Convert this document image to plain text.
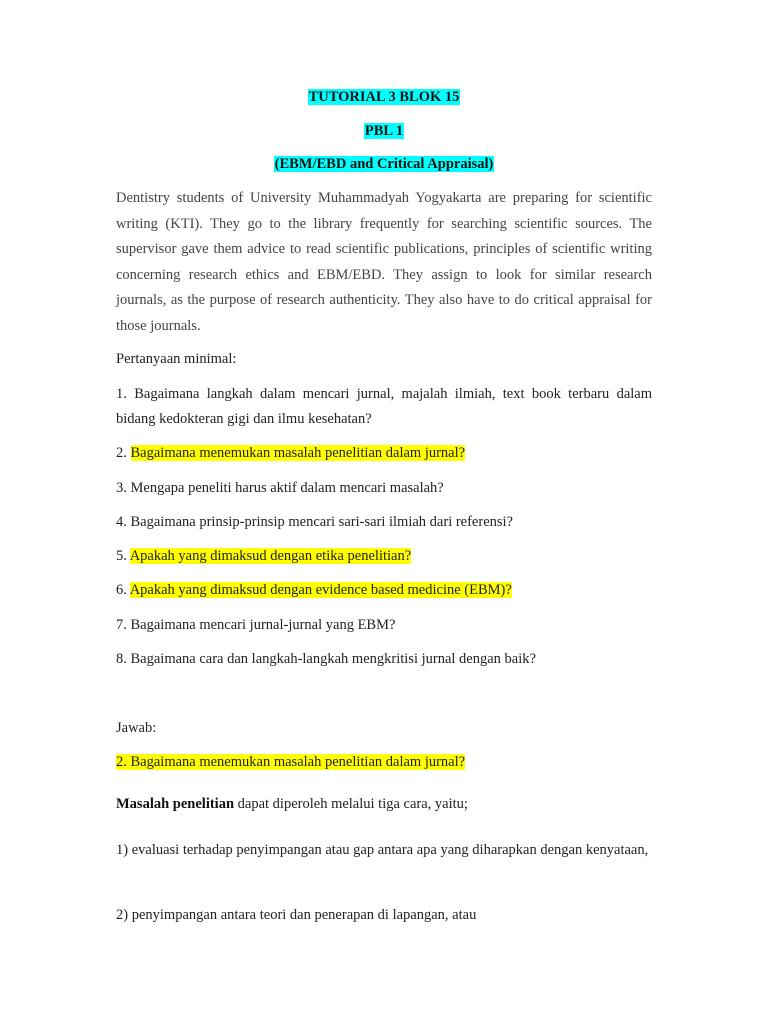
TUTORIAL 3 BLOK 15
PBL 1
(EBM/EBD and Critical Appraisal)
Dentistry students of University Muhammadyah Yogyakarta are preparing for scientific writing (KTI). They go to the library frequently for searching scientific sources. The supervisor gave them advice to read scientific publications, principles of scientific writing concerning research ethics and EBM/EBD. They assign to look for similar research journals, as the purpose of research authenticity. They also have to do critical appraisal for those journals.
Pertanyaan minimal:
1. Bagaimana langkah dalam mencari jurnal, majalah ilmiah, text book terbaru dalam bidang kedokteran gigi dan ilmu kesehatan?
2. Bagaimana menemukan masalah penelitian dalam jurnal?
3. Mengapa peneliti harus aktif dalam mencari masalah?
4. Bagaimana prinsip-prinsip mencari sari-sari ilmiah dari referensi?
5. Apakah yang dimaksud dengan etika penelitian?
6. Apakah yang dimaksud dengan evidence based medicine (EBM)?
7. Bagaimana mencari jurnal-jurnal yang EBM?
8. Bagaimana cara dan langkah-langkah mengkritisi jurnal dengan baik?
Jawab:
2. Bagaimana menemukan masalah penelitian dalam jurnal?
Masalah penelitian dapat diperoleh melalui tiga cara, yaitu;
1) evaluasi terhadap penyimpangan atau gap antara apa yang diharapkan dengan kenyataan,
2) penyimpangan antara teori dan penerapan di lapangan, atau
